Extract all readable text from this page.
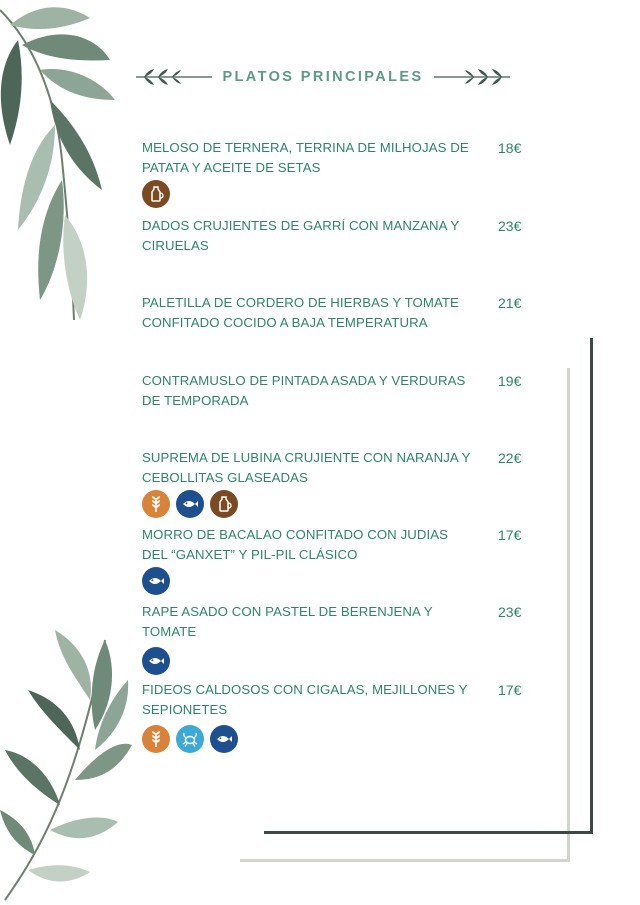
PLATOS PRINCIPALES
MELOSO DE TERNERA, TERRINA DE MILHOJAS DE PATATA Y ACEITE DE SETAS
18€
DADOS CRUJIENTES DE GARRÍ CON MANZANA Y CIRUELAS
23€
PALETILLA DE CORDERO DE HIERBAS Y TOMATE CONFITADO COCIDO A BAJA TEMPERATURA
21€
CONTRAMUSLO DE PINTADA ASADA Y VERDURAS DE TEMPORADA
19€
SUPREMA DE LUBINA CRUJIENTE CON NARANJA Y CEBOLLITAS GLASEADAS
22€
MORRO DE BACALAO CONFITADO CON JUDIAS DEL “GANXET” Y PIL-PIL CLÁSICO
17€
RAPE ASADO CON PASTEL DE BERENJENA Y TOMATE
23€
FIDEOS CALDOSOS CON CIGALAS, MEJILLONES Y SEPIONETES
17€
